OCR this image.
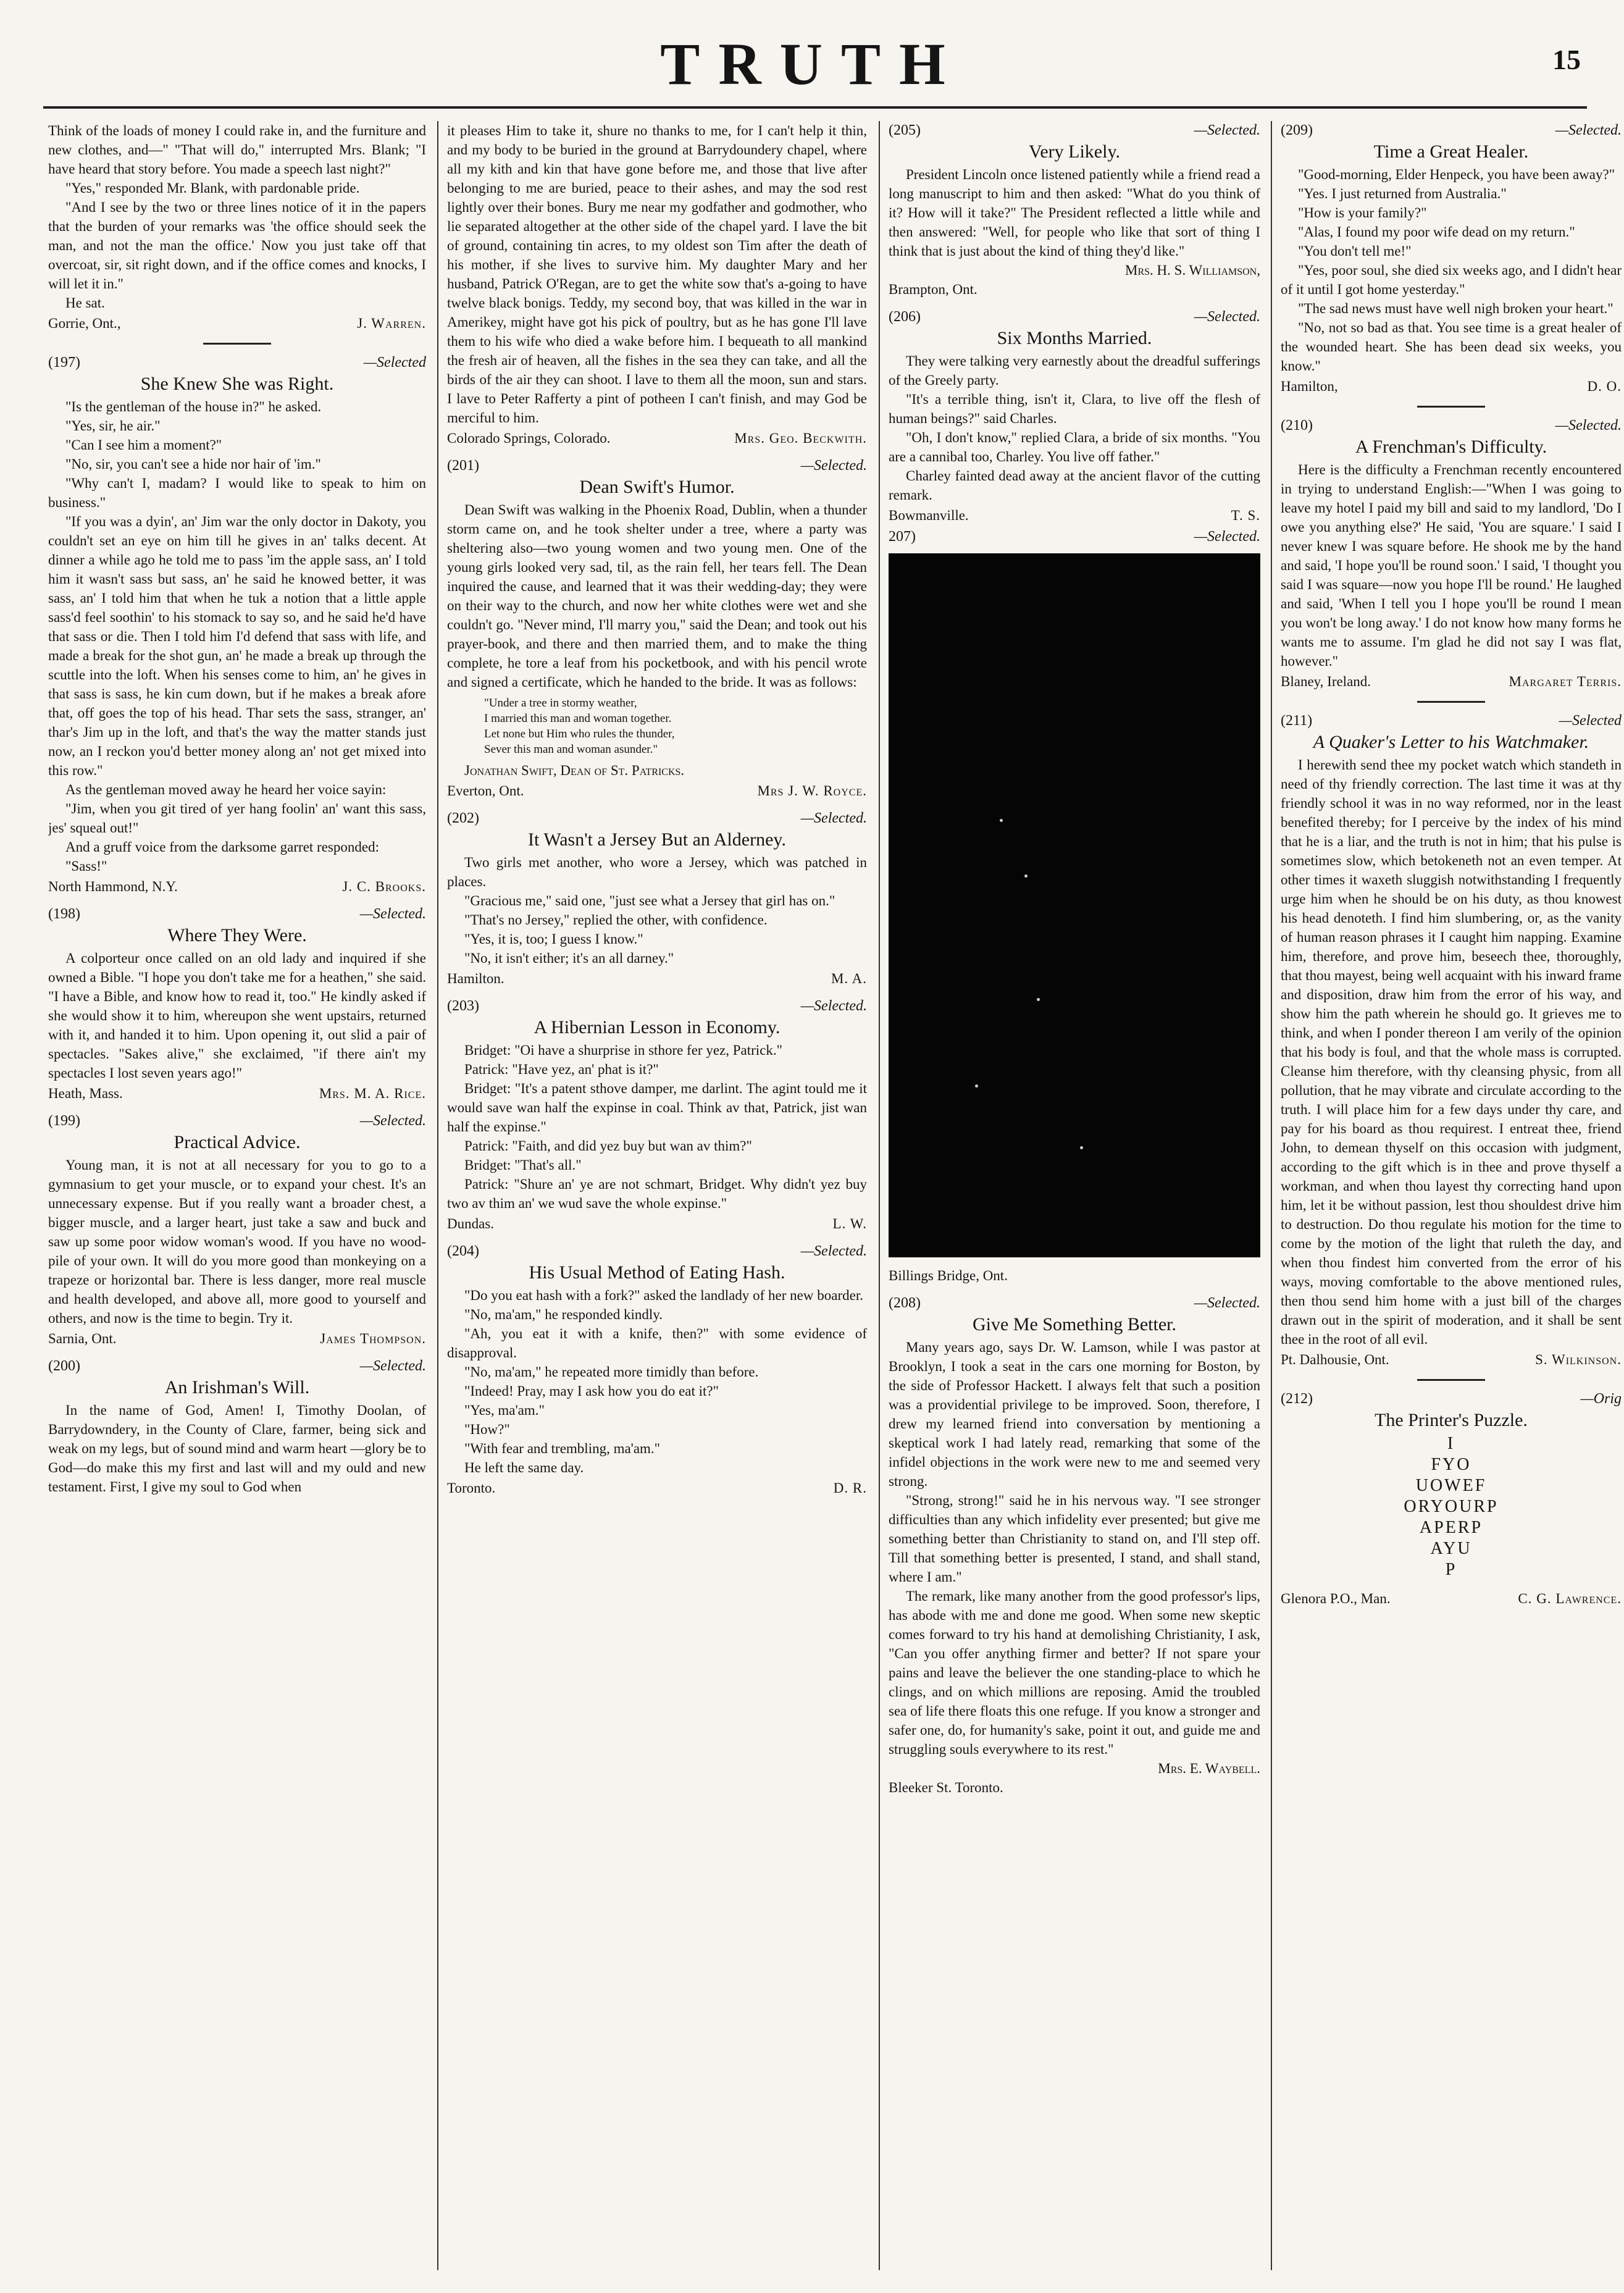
TRUTH	15

Think of the loads of money I could rake in, and the furniture and new clothes, and—" "That will do," interrupted Mrs. Blank; "I have heard that story before. You made a speech last night?"

"Yes," responded Mr. Blank, with pardonable pride.

"And I see by the two or three lines notice of it in the papers that the burden of your remarks was 'the office should seek the man, and not the man the office.' Now you just take off that overcoat, sir, sit right down, and if the office comes and knocks, I will let it in."

He sat.

Gorrie, Ont.,	J. Warren.
(197)	—Selected
She Knew She was Right.

"Is the gentleman of the house in?" he asked.

"Yes, sir, he air."

"Can I see him a moment?"

"No, sir, you can't see a hide nor hair of 'im."

"Why can't I, madam? I would like to speak to him on business."

"If you was a dyin', an' Jim war the only doctor in Dakoty, you couldn't set an eye on him till he gives in an' talks decent. At dinner a while ago he told me to pass 'im the apple sass, an' I told him it wasn't sass but sass, an' he said he knowed better, it was sass, an' I told him that when he tuk a notion that a little apple sass'd feel soothin' to his stomack to say so, and he said he'd have that sass or die. Then I told him I'd defend that sass with life, and made a break for the shot gun, an' he made a break up through the scuttle into the loft. When his senses come to him, an' he gives in that sass is sass, he kin cum down, but if he makes a break afore that, off goes the top of his head. Thar sets the sass, stranger, an' thar's Jim up in the loft, and that's the way the matter stands just now, an I reckon you'd better money along an' not get mixed into this row."

As the gentleman moved away he heard her voice sayin:

"Jim, when you git tired of yer hang foolin' an' want this sass, jes' squeal out!"

And a gruff voice from the darksome garret responded:

"Sass!"

North Hammond, N.Y.	J. C. Brooks.
(198)	—Selected.
Where They Were.

A colporteur once called on an old lady and inquired if she owned a Bible. "I hope you don't take me for a heathen," she said. "I have a Bible, and know how to read it, too." He kindly asked if she would show it to him, whereupon she went upstairs, returned with it, and handed it to him. Upon opening it, out slid a pair of spectacles. "Sakes alive," she exclaimed, "if there ain't my spectacles I lost seven years ago!"

Heath, Mass.	Mrs. M. A. Rice.
(199)	—Selected.
Practical Advice.

Young man, it is not at all necessary for you to go to a gymnasium to get your muscle, or to expand your chest. It's an unnecessary expense. But if you really want a broader chest, a bigger muscle, and a larger heart, just take a saw and buck and saw up some poor widow woman's wood. If you have no wood-pile of your own. It will do you more good than monkeying on a trapeze or horizontal bar. There is less danger, more real muscle and health developed, and above all, more good to yourself and others, and now is the time to begin. Try it.

Sarnia, Ont.	James Thompson.
(200)	—Selected.
An Irishman's Will.

In the name of God, Amen! I, Timothy Doolan, of Barrydowndery, in the County of Clare, farmer, being sick and weak on my legs, but of sound mind and warm heart —glory be to God—do make this my first and last will and my ould and new testament. First, I give my soul to God when

it pleases Him to take it, shure no thanks to me, for I can't help it thin, and my body to be buried in the ground at Barrydoundery chapel, where all my kith and kin that have gone before me, and those that live after belonging to me are buried, peace to their ashes, and may the sod rest lightly over their bones. Bury me near my godfather and godmother, who lie separated altogether at the other side of the chapel yard. I lave the bit of ground, containing tin acres, to my oldest son Tim after the death of his mother, if she lives to survive him. My daughter Mary and her husband, Patrick O'Regan, are to get the white sow that's a-going to have twelve black bonigs. Teddy, my second boy, that was killed in the war in Amerikey, might have got his pick of poultry, but as he has gone I'll lave them to his wife who died a wake before him. I bequeath to all mankind the fresh air of heaven, all the fishes in the sea they can take, and all the birds of the air they can shoot. I lave to them all the moon, sun and stars. I lave to Peter Rafferty a pint of potheen I can't finish, and may God be merciful to him.

Colorado Springs, Colorado.	Mrs. Geo. Beckwith.
(201)	—Selected.
Dean Swift's Humor.

Dean Swift was walking in the Phoenix Road, Dublin, when a thunder storm came on, and he took shelter under a tree, where a party was sheltering also—two young women and two young men. One of the young girls looked very sad, til, as the rain fell, her tears fell. The Dean inquired the cause, and learned that it was their wedding-day; they were on their way to the church, and now her white clothes were wet and she couldn't go. "Never mind, I'll marry you," said the Dean; and took out his prayer-book, and there and then married them, and to make the thing complete, he tore a leaf from his pocketbook, and with his pencil wrote and signed a certificate, which he handed to the bride. It was as follows:

"Under a tree in stormy weather,
I married this man and woman together.
Let none but Him who rules the thunder,
Sever this man and woman asunder."

Jonathan Swift, Dean of St. Patricks.

Everton, Ont.	Mrs J. W. Royce.
(202)	—Selected.
It Wasn't a Jersey But an Alderney.

Two girls met another, who wore a Jersey, which was patched in places.

"Gracious me," said one, "just see what a Jersey that girl has on."

"That's no Jersey," replied the other, with confidence.

"Yes, it is, too; I guess I know."

"No, it isn't either; it's an all darney."

Hamilton.	M. A.
(203)	—Selected.
A Hibernian Lesson in Economy.

Bridget: "Oi have a shurprise in sthore fer yez, Patrick."

Patrick: "Have yez, an' phat is it?"

Bridget: "It's a patent sthove damper, me darlint. The agint tould me it would save wan half the expinse in coal. Think av that, Patrick, jist wan half the expinse."

Patrick: "Faith, and did yez buy but wan av thim?"

Bridget: "That's all."

Patrick: "Shure an' ye are not schmart, Bridget. Why didn't yez buy two av thim an' we wud save the whole expinse."

Dundas.	L. W.
(204)	—Selected.
His Usual Method of Eating Hash.

"Do you eat hash with a fork?" asked the landlady of her new boarder.

"No, ma'am," he responded kindly.

"Ah, you eat it with a knife, then?" with some evidence of disapproval.

"No, ma'am," he repeated more timidly than before.

"Indeed! Pray, may I ask how you do eat it?"

"Yes, ma'am."

"How?"

"With fear and trembling, ma'am."

He left the same day.

Toronto.	D. R.
(205)	—Selected.
Very Likely.

President Lincoln once listened patiently while a friend read a long manuscript to him and then asked: "What do you think of it? How will it take?" The President reflected a little while and then answered: "Well, for people who like that sort of thing I think that is just about the kind of thing they'd like."

Mrs. H. S. Williamson,
Brampton, Ont.
(206)	—Selected.
Six Months Married.

They were talking very earnestly about the dreadful sufferings of the Greely party.

"It's a terrible thing, isn't it, Clara, to live off the flesh of human beings?" said Charles.

"Oh, I don't know," replied Clara, a bride of six months. "You are a cannibal too, Charley. You live off father."

Charley fainted dead away at the ancient flavor of the cutting remark.

Bowmanville.	T. S.
207)	—Selected.
Billings Bridge, Ont.
(208)	—Selected.
Give Me Something Better.

Many years ago, says Dr. W. Lamson, while I was pastor at Brooklyn, I took a seat in the cars one morning for Boston, by the side of Professor Hackett. I always felt that such a position was a providential privilege to be improved. Soon, therefore, I drew my learned friend into conversation by mentioning a skeptical work I had lately read, remarking that some of the infidel objections in the work were new to me and seemed very strong.

"Strong, strong!" said he in his nervous way. "I see stronger difficulties than any which infidelity ever presented; but give me something better than Christianity to stand on, and I'll step off. Till that something better is presented, I stand, and shall stand, where I am."

The remark, like many another from the good professor's lips, has abode with me and done me good. When some new skeptic comes forward to try his hand at demolishing Christianity, I ask, "Can you offer anything firmer and better? If not spare your pains and leave the believer the one standing-place to which he clings, and on which millions are reposing. Amid the troubled sea of life there floats this one refuge. If you know a stronger and safer one, do, for humanity's sake, point it out, and guide me and struggling souls everywhere to its rest."

Mrs. E. Waybell.
Bleeker St. Toronto.
(209)	—Selected.
Time a Great Healer.

"Good-morning, Elder Henpeck, you have been away?"

"Yes. I just returned from Australia."

"How is your family?"

"Alas, I found my poor wife dead on my return."

"You don't tell me!"

"Yes, poor soul, she died six weeks ago, and I didn't hear of it until I got home yesterday."

"The sad news must have well nigh broken your heart."

"No, not so bad as that. You see time is a great healer of the wounded heart. She has been dead six weeks, you know."

Hamilton,	D. O.
(210)	—Selected.
A Frenchman's Difficulty.

Here is the difficulty a Frenchman recently encountered in trying to understand English:—"When I was going to leave my hotel I paid my bill and said to my landlord, 'Do I owe you anything else?' He said, 'You are square.' I said I never knew I was square before. He shook me by the hand and said, 'I hope you'll be round soon.' I said, 'I thought you said I was square—now you hope I'll be round.' He laughed and said, 'When I tell you I hope you'll be round I mean you won't be long away.' I do not know how many forms he wants me to assume. I'm glad he did not say I was flat, however."

Blaney, Ireland.	Margaret Terris.
(211)	—Selected
A Quaker's Letter to his Watchmaker.

I herewith send thee my pocket watch which standeth in need of thy friendly correction. The last time it was at thy friendly school it was in no way reformed, nor in the least benefited thereby; for I perceive by the index of his mind that he is a liar, and the truth is not in him; that his pulse is sometimes slow, which betokeneth not an even temper. At other times it waxeth sluggish notwithstanding I frequently urge him when he should be on his duty, as thou knowest his head denoteth. I find him slumbering, or, as the vanity of human reason phrases it I caught him napping. Examine him, therefore, and prove him, beseech thee, thoroughly, that thou mayest, being well acquaint with his inward frame and disposition, draw him from the error of his way, and show him the path wherein he should go. It grieves me to think, and when I ponder thereon I am verily of the opinion that his body is foul, and that the whole mass is corrupted. Cleanse him therefore, with thy cleansing physic, from all pollution, that he may vibrate and circulate according to the truth. I will place him for a few days under thy care, and pay for his board as thou requirest. I entreat thee, friend John, to demean thyself on this occasion with judgment, according to the gift which is in thee and prove thyself a workman, and when thou layest thy correcting hand upon him, let it be without passion, lest thou shouldest drive him to destruction. Do thou regulate his motion for the time to come by the motion of the light that ruleth the day, and when thou findest him converted from the error of his ways, moving comfortable to the above mentioned rules, then thou send him home with a just bill of the charges drawn out in the spirit of moderation, and it shall be sent thee in the root of all evil.

Pt. Dalhousie, Ont.	S. Wilkinson.
(212)	—Orig
The Printer's Puzzle.
I
FYO
UOWEF
ORYOURP
APERP
AYU
P
Glenora P.O., Man.	C. G. Lawrence.
